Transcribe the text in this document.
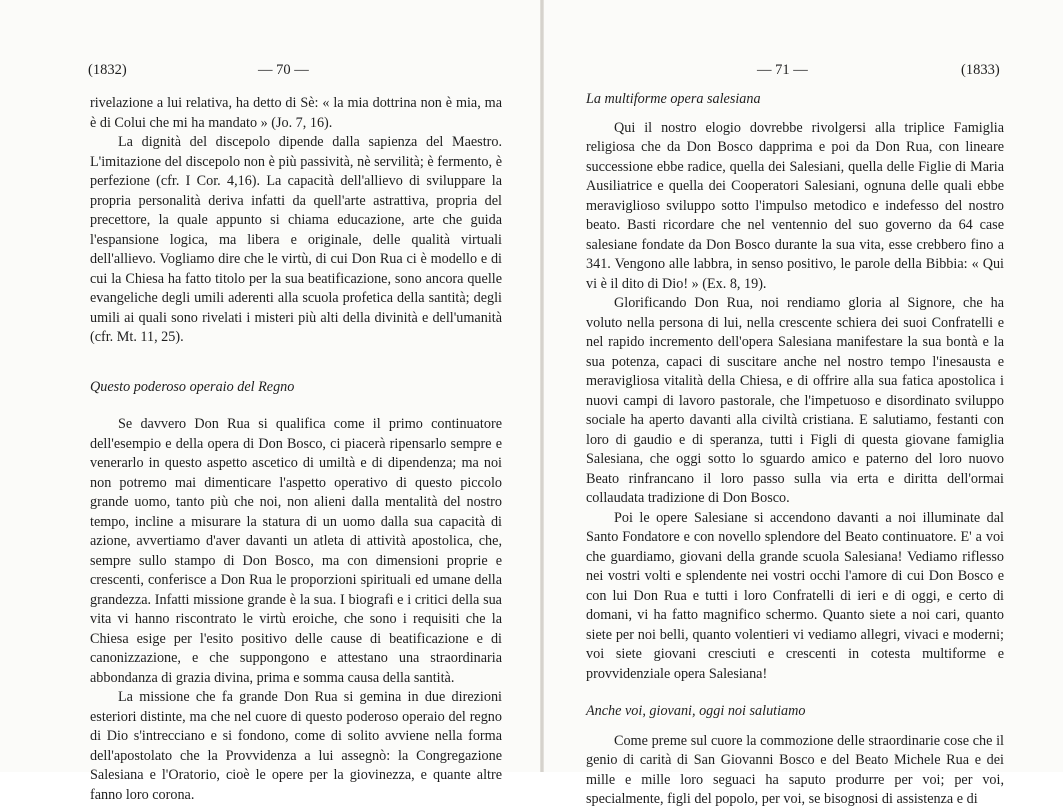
(1832)	— 70 —

rivelazione a lui relativa, ha detto di Sè: « la mia dottrina non è mia, ma è di Colui che mi ha mandato » (Jo. 7, 16).

La dignità del discepolo dipende dalla sapienza del Maestro. L'imitazione del discepolo non è più passività, nè servilità; è fermento, è perfezione (cfr. I Cor. 4,16). La capacità dell'allievo di sviluppare la propria personalità deriva infatti da quell'arte astrattiva, propria del precettore, la quale appunto si chiama educazione, arte che guida l'espansione logica, ma libera e originale, delle qualità virtuali dell'allievo. Vogliamo dire che le virtù, di cui Don Rua ci è modello e di cui la Chiesa ha fatto titolo per la sua beatificazione, sono ancora quelle evangeliche degli umili aderenti alla scuola profetica della santità; degli umili ai quali sono rivelati i misteri più alti della divinità e dell'umanità (cfr. Mt. 11, 25).

Questo poderoso operaio del Regno

Se davvero Don Rua si qualifica come il primo continuatore dell'esempio e della opera di Don Bosco, ci piacerà ripensarlo sempre e venerarlo in questo aspetto ascetico di umiltà e di dipendenza; ma noi non potremo mai dimenticare l'aspetto operativo di questo piccolo grande uomo, tanto più che noi, non alieni dalla mentalità del nostro tempo, incline a misurare la statura di un uomo dalla sua capacità di azione, avvertiamo d'aver davanti un atleta di attività apostolica, che, sempre sullo stampo di Don Bosco, ma con dimensioni proprie e crescenti, conferisce a Don Rua le proporzioni spirituali ed umane della grandezza. Infatti missione grande è la sua. I biografi e i critici della sua vita vi hanno riscontrato le virtù eroiche, che sono i requisiti che la Chiesa esige per l'esito positivo delle cause di beatificazione e di canonizzazione, e che suppongono e attestano una straordinaria abbondanza di grazia divina, prima e somma causa della santità.

La missione che fa grande Don Rua si gemina in due direzioni esteriori distinte, ma che nel cuore di questo poderoso operaio del regno di Dio s'intrecciano e si fondono, come di solito avviene nella forma dell'apostolato che la Provvidenza a lui assegnò: la Congregazione Salesiana e l'Oratorio, cioè le opere per la giovinezza, e quante altre fanno loro corona.

— 71 —	(1833)
La multiforme opera salesiana

Qui il nostro elogio dovrebbe rivolgersi alla triplice Famiglia religiosa che da Don Bosco dapprima e poi da Don Rua, con lineare successione ebbe radice, quella dei Salesiani, quella delle Figlie di Maria Ausiliatrice e quella dei Cooperatori Salesiani, ognuna delle quali ebbe meraviglioso sviluppo sotto l'impulso metodico e indefesso del nostro beato. Basti ricordare che nel ventennio del suo governo da 64 case salesiane fondate da Don Bosco durante la sua vita, esse crebbero fino a 341. Vengono alle labbra, in senso positivo, le parole della Bibbia: « Qui vi è il dito di Dio! » (Ex. 8, 19).

Glorificando Don Rua, noi rendiamo gloria al Signore, che ha voluto nella persona di lui, nella crescente schiera dei suoi Confratelli e nel rapido incremento dell'opera Salesiana manifestare la sua bontà e la sua potenza, capaci di suscitare anche nel nostro tempo l'inesausta e meravigliosa vitalità della Chiesa, e di offrire alla sua fatica apostolica i nuovi campi di lavoro pastorale, che l'impetuoso e disordinato sviluppo sociale ha aperto davanti alla civiltà cristiana. E salutiamo, festanti con loro di gaudio e di speranza, tutti i Figli di questa giovane famiglia Salesiana, che oggi sotto lo sguardo amico e paterno del loro nuovo Beato rinfrancano il loro passo sulla via erta e diritta dell'ormai collaudata tradizione di Don Bosco.

Poi le opere Salesiane si accendono davanti a noi illuminate dal Santo Fondatore e con novello splendore del Beato continuatore. E' a voi che guardiamo, giovani della grande scuola Salesiana! Vediamo riflesso nei vostri volti e splendente nei vostri occhi l'amore di cui Don Bosco e con lui Don Rua e tutti i loro Confratelli di ieri e di oggi, e certo di domani, vi ha fatto magnifico schermo. Quanto siete a noi cari, quanto siete per noi belli, quanto volentieri vi vediamo allegri, vivaci e moderni; voi siete giovani cresciuti e crescenti in cotesta multiforme e provvidenziale opera Salesiana!

Anche voi, giovani, oggi noi salutiamo

Come preme sul cuore la commozione delle straordinarie cose che il genio di carità di San Giovanni Bosco e del Beato Michele Rua e dei mille e mille loro seguaci ha saputo produrre per voi; per voi, specialmente, figli del popolo, per voi, se bisognosi di assistenza e di
